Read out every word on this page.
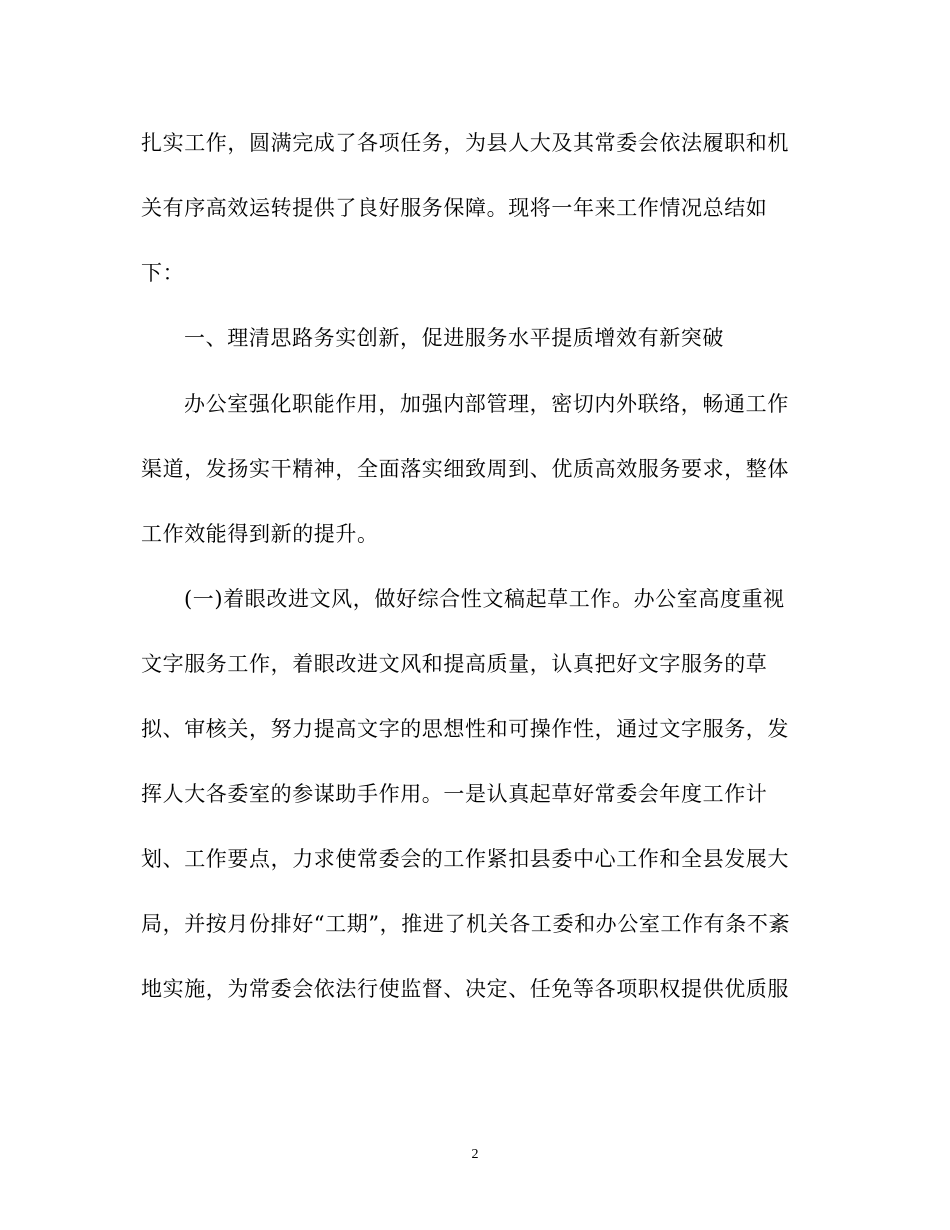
扎实工作，圆满完成了各项任务，为县人大及其常委会依法履职和机
关有序高效运转提供了良好服务保障。现将一年来工作情况总结如
下：
一、理清思路务实创新，促进服务水平提质增效有新突破
办公室强化职能作用，加强内部管理，密切内外联络，畅通工作
渠道，发扬实干精神，全面落实细致周到、优质高效服务要求，整体
工作效能得到新的提升。
(一)着眼改进文风，做好综合性文稿起草工作。办公室高度重视
文字服务工作，着眼改进文风和提高质量，认真把好文字服务的草
拟、审核关，努力提高文字的思想性和可操作性，通过文字服务，发
挥人大各委室的参谋助手作用。一是认真起草好常委会年度工作计
划、工作要点，力求使常委会的工作紧扣县委中心工作和全县发展大
局，并按月份排好“工期”，推进了机关各工委和办公室工作有条不紊
地实施，为常委会依法行使监督、决定、任免等各项职权提供优质服
2
